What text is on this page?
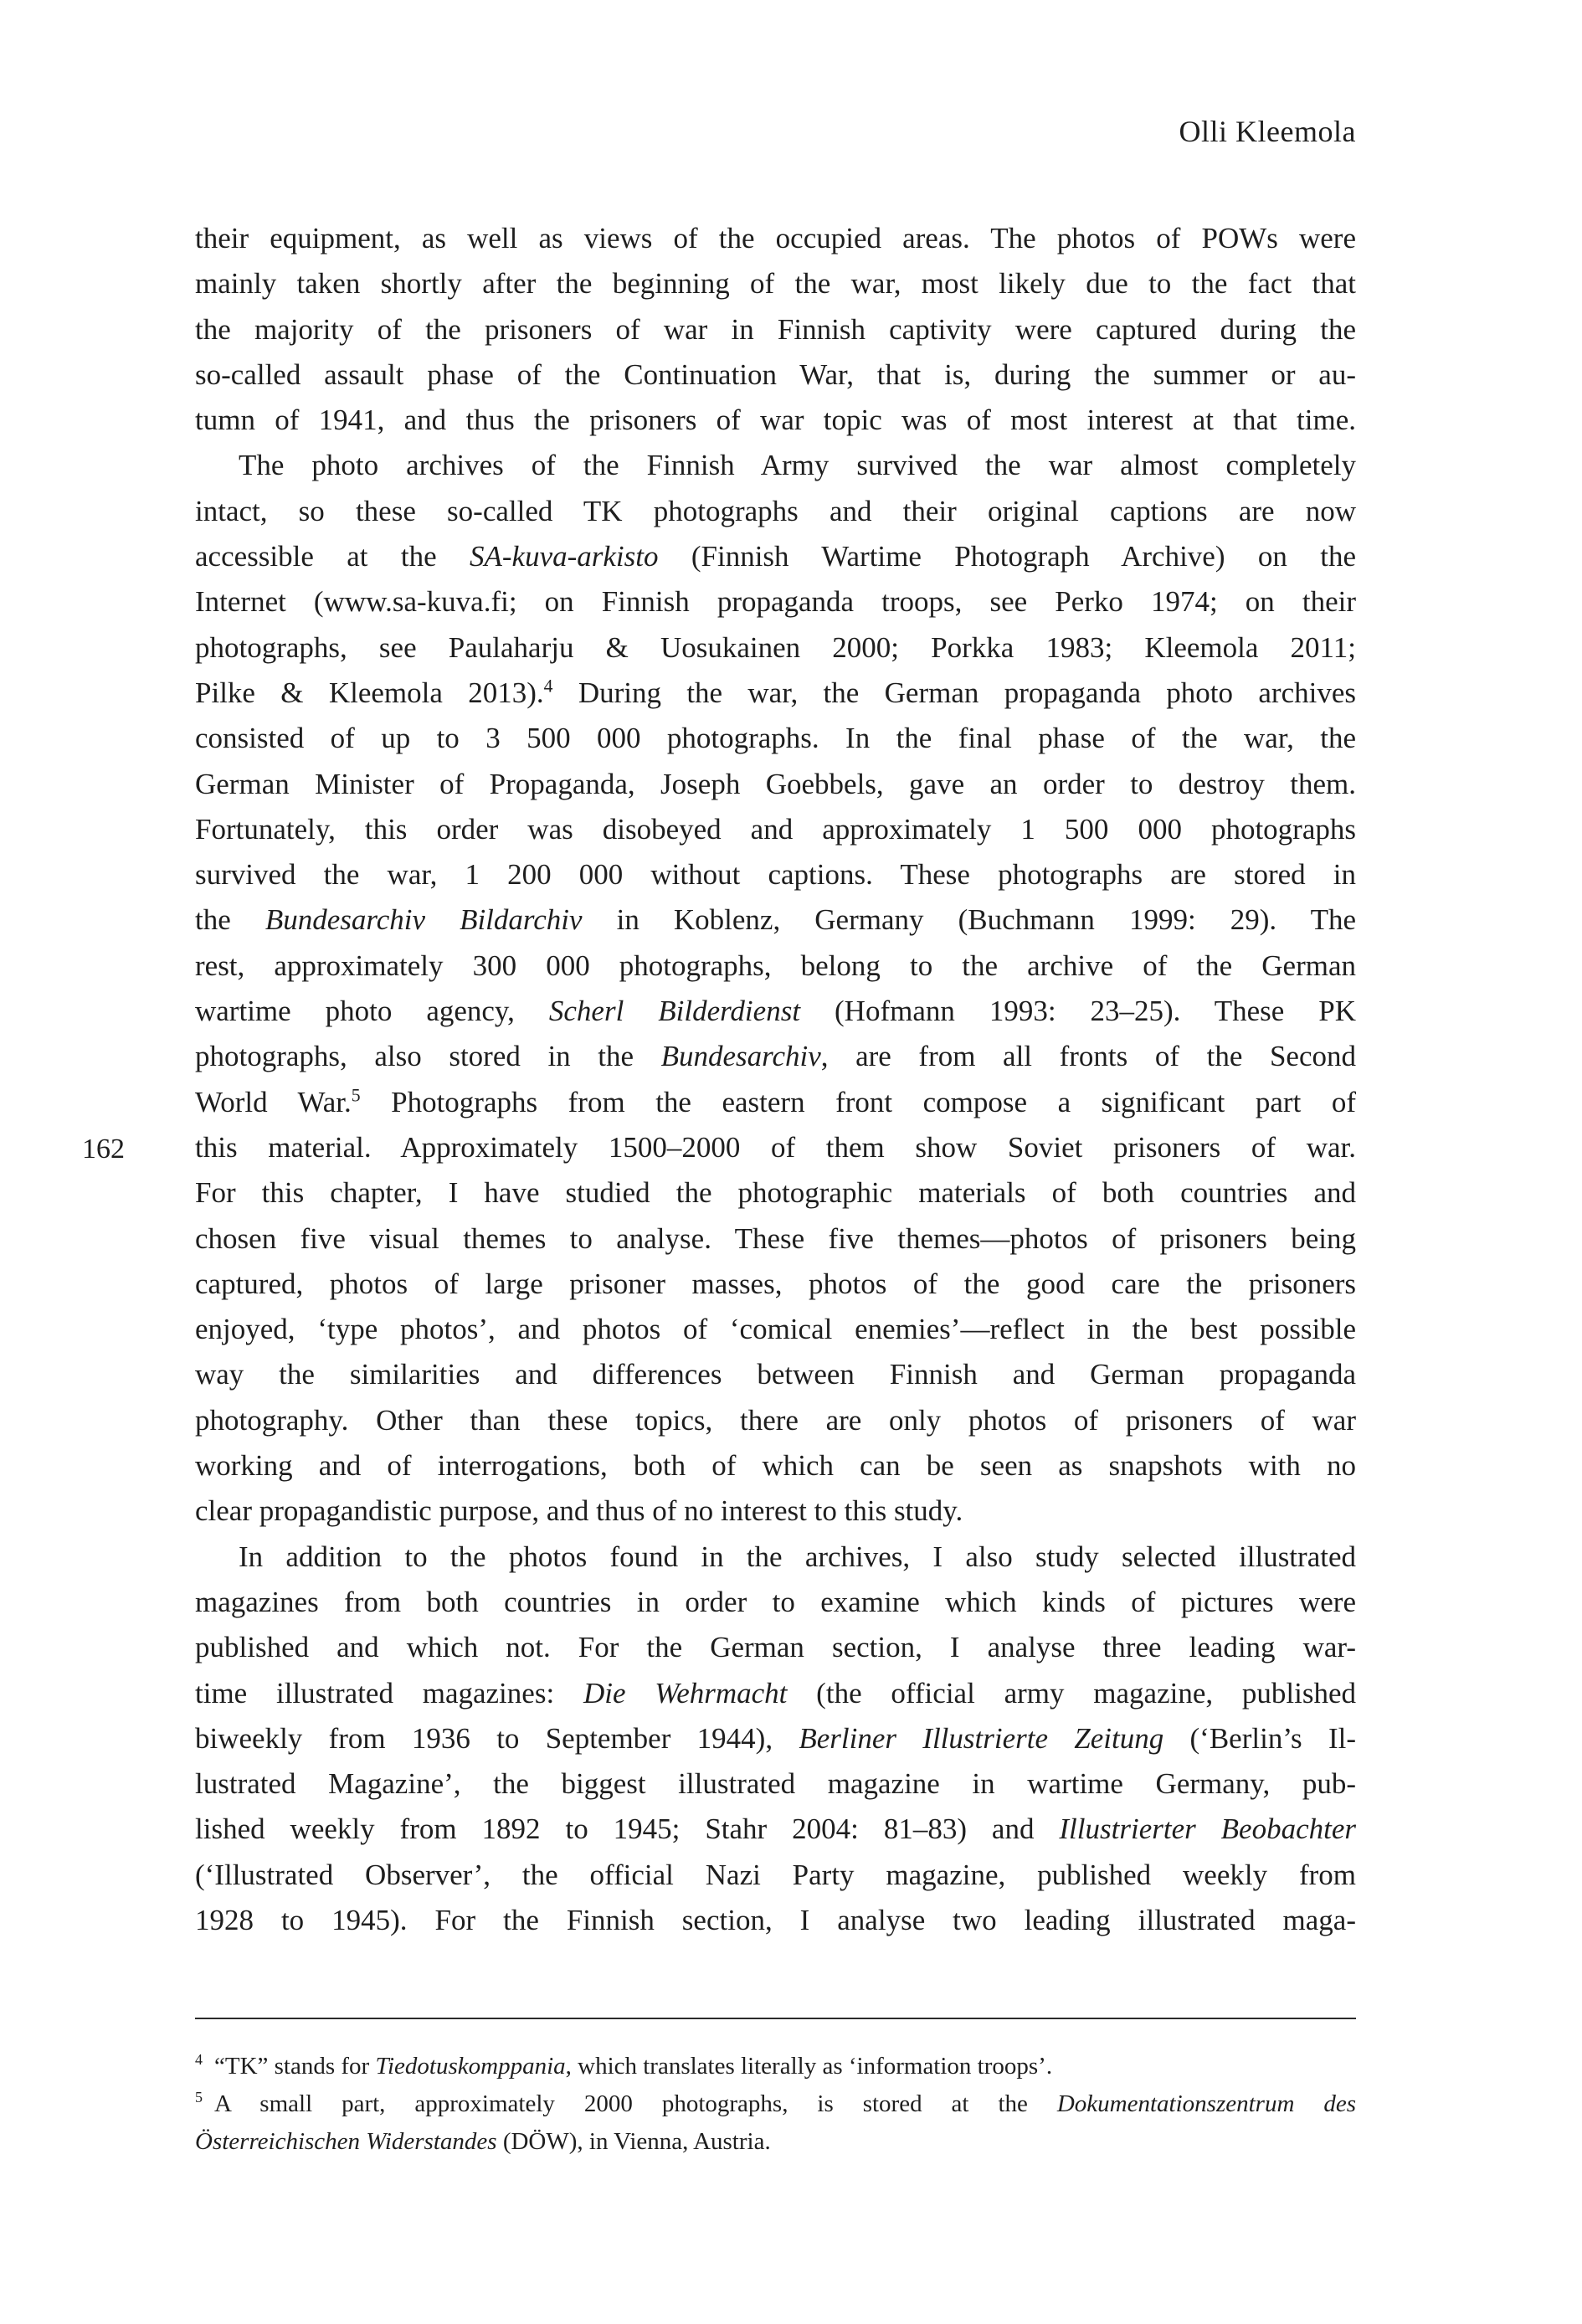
Olli Kleemola
162
their equipment, as well as views of the occupied areas. The photos of POWs were
mainly taken shortly after the beginning of the war, most likely due to the fact that
the majority of the prisoners of war in Finnish captivity were captured during the
so-called assault phase of the Continuation War, that is, during the summer or au-
tumn of 1941, and thus the prisoners of war topic was of most interest at that time.
The photo archives of the Finnish Army survived the war almost completely
intact, so these so-called TK photographs and their original captions are now
accessible at the SA-kuva-arkisto (Finnish Wartime Photograph Archive) on the
Internet (www.sa-kuva.fi; on Finnish propaganda troops, see Perko 1974; on their
photographs, see Paulaharju & Uosukainen 2000; Porkka 1983; Kleemola 2011;
Pilke & Kleemola 2013).$^4$ During the war, the German propaganda photo archives
consisted of up to 3 500 000 photographs. In the final phase of the war, the
German Minister of Propaganda, Joseph Goebbels, gave an order to destroy them.
Fortunately, this order was disobeyed and approximately 1 500 000 photographs
survived the war, 1 200 000 without captions. These photographs are stored in
the Bundesarchiv Bildarchiv in Koblenz, Germany (Buchmann 1999: 29). The
rest, approximately 300 000 photographs, belong to the archive of the German
wartime photo agency, Scherl Bilderdienst (Hofmann 1993: 23–25). These PK
photographs, also stored in the Bundesarchiv, are from all fronts of the Second
World War.$^5$ Photographs from the eastern front compose a significant part of
this material. Approximately 1500–2000 of them show Soviet prisoners of war.
For this chapter, I have studied the photographic materials of both countries and
chosen five visual themes to analyse. These five themes—photos of prisoners being
captured, photos of large prisoner masses, photos of the good care the prisoners
enjoyed, ‘type photos’, and photos of ‘comical enemies’—reflect in the best possible
way the similarities and differences between Finnish and German propaganda
photography. Other than these topics, there are only photos of prisoners of war
working and of interrogations, both of which can be seen as snapshots with no
clear propagandistic purpose, and thus of no interest to this study.
In addition to the photos found in the archives, I also study selected illustrated
magazines from both countries in order to examine which kinds of pictures were
published and which not. For the German section, I analyse three leading war-
time illustrated magazines: Die Wehrmacht (the official army magazine, published
biweekly from 1936 to September 1944), Berliner Illustrierte Zeitung (‘Berlin’s Il-
lustrated Magazine’, the biggest illustrated magazine in wartime Germany, pub-
lished weekly from 1892 to 1945; Stahr 2004: 81–83) and Illustrierter Beobachter
(‘Illustrated Observer’, the official Nazi Party magazine, published weekly from
1928 to 1945). For the Finnish section, I analyse two leading illustrated maga-
$^4$ “TK” stands for Tiedotuskomppania, which translates literally as ‘information troops’.
$^5$ A small part, approximately 2000 photographs, is stored at the Dokumentationszentrum des
Österreichischen Widerstandes (DÖW), in Vienna, Austria.
